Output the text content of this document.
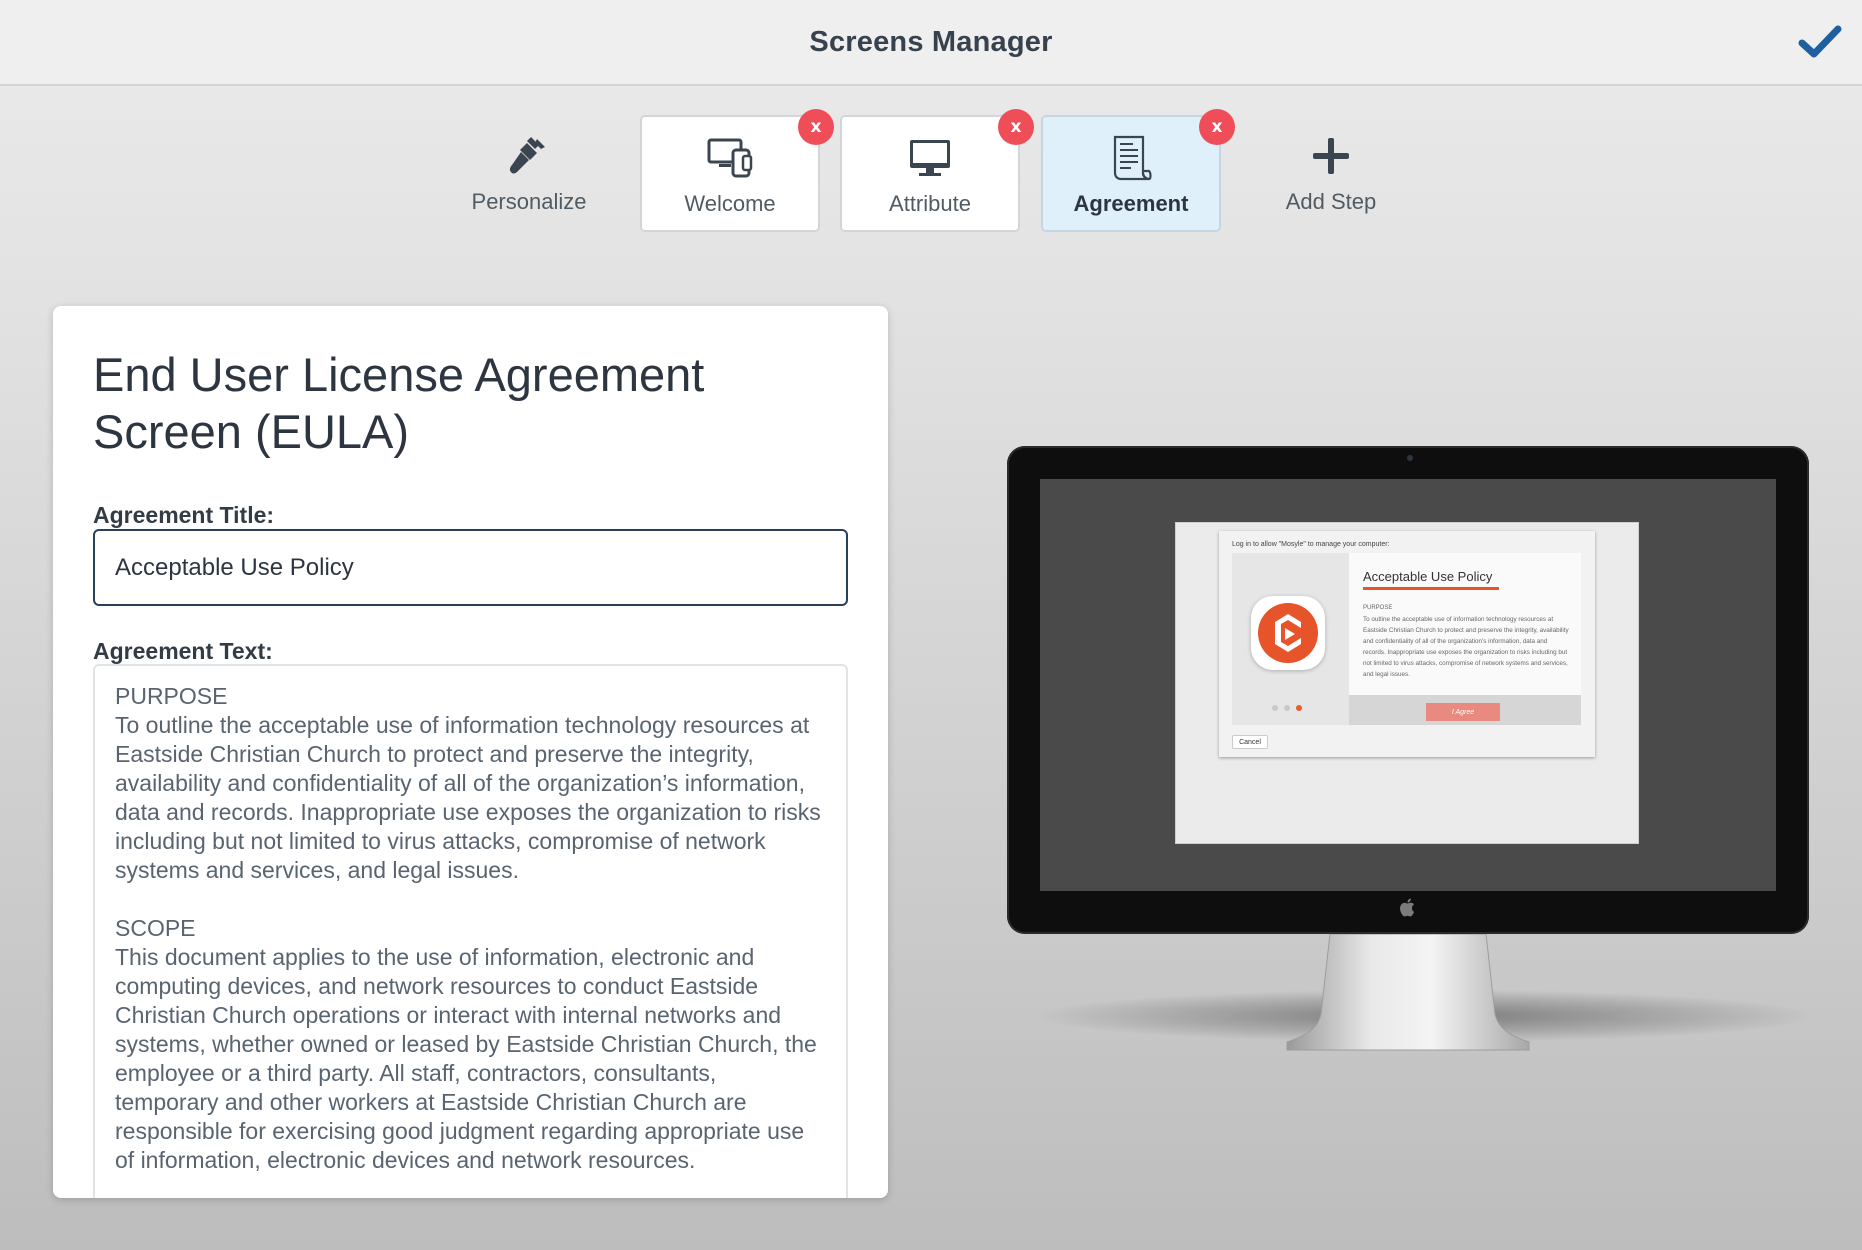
Screens Manager
Personalize	Welcome
x
Attribute
x
Agreement
x
Add Step
End User License Agreement Screen (EULA)
Agreement Title:
Acceptable Use Policy
Agreement Text:
PURPOSE
To outline the acceptable use of information technology resources at Eastside Christian Church to protect and preserve the integrity, availability and confidentiality of all of the organization’s information, data and records. Inappropriate use exposes the organization to risks including but not limited to virus attacks, compromise of network systems and services, and legal issues.
SCOPE
This document applies to the use of information, electronic and computing devices, and network resources to conduct Eastside Christian Church operations or interact with internal networks and systems, whether owned or leased by Eastside Christian Church, the employee or a third party. All staff, contractors, consultants, temporary and other workers at Eastside Christian Church are responsible for exercising good judgment regarding appropriate use of information, electronic devices and network resources.
Log in to allow "Mosyle" to manage your computer:
Acceptable Use Policy
PURPOSE
To outline the acceptable use of information technology resources at Eastside Christian Church to protect and preserve the integrity, availability and confidentiality of all of the organization's information, data and records. Inappropriate use exposes the organization to risks including but not limited to virus attacks, compromise of network systems and services, and legal issues.
I Agree
Cancel
